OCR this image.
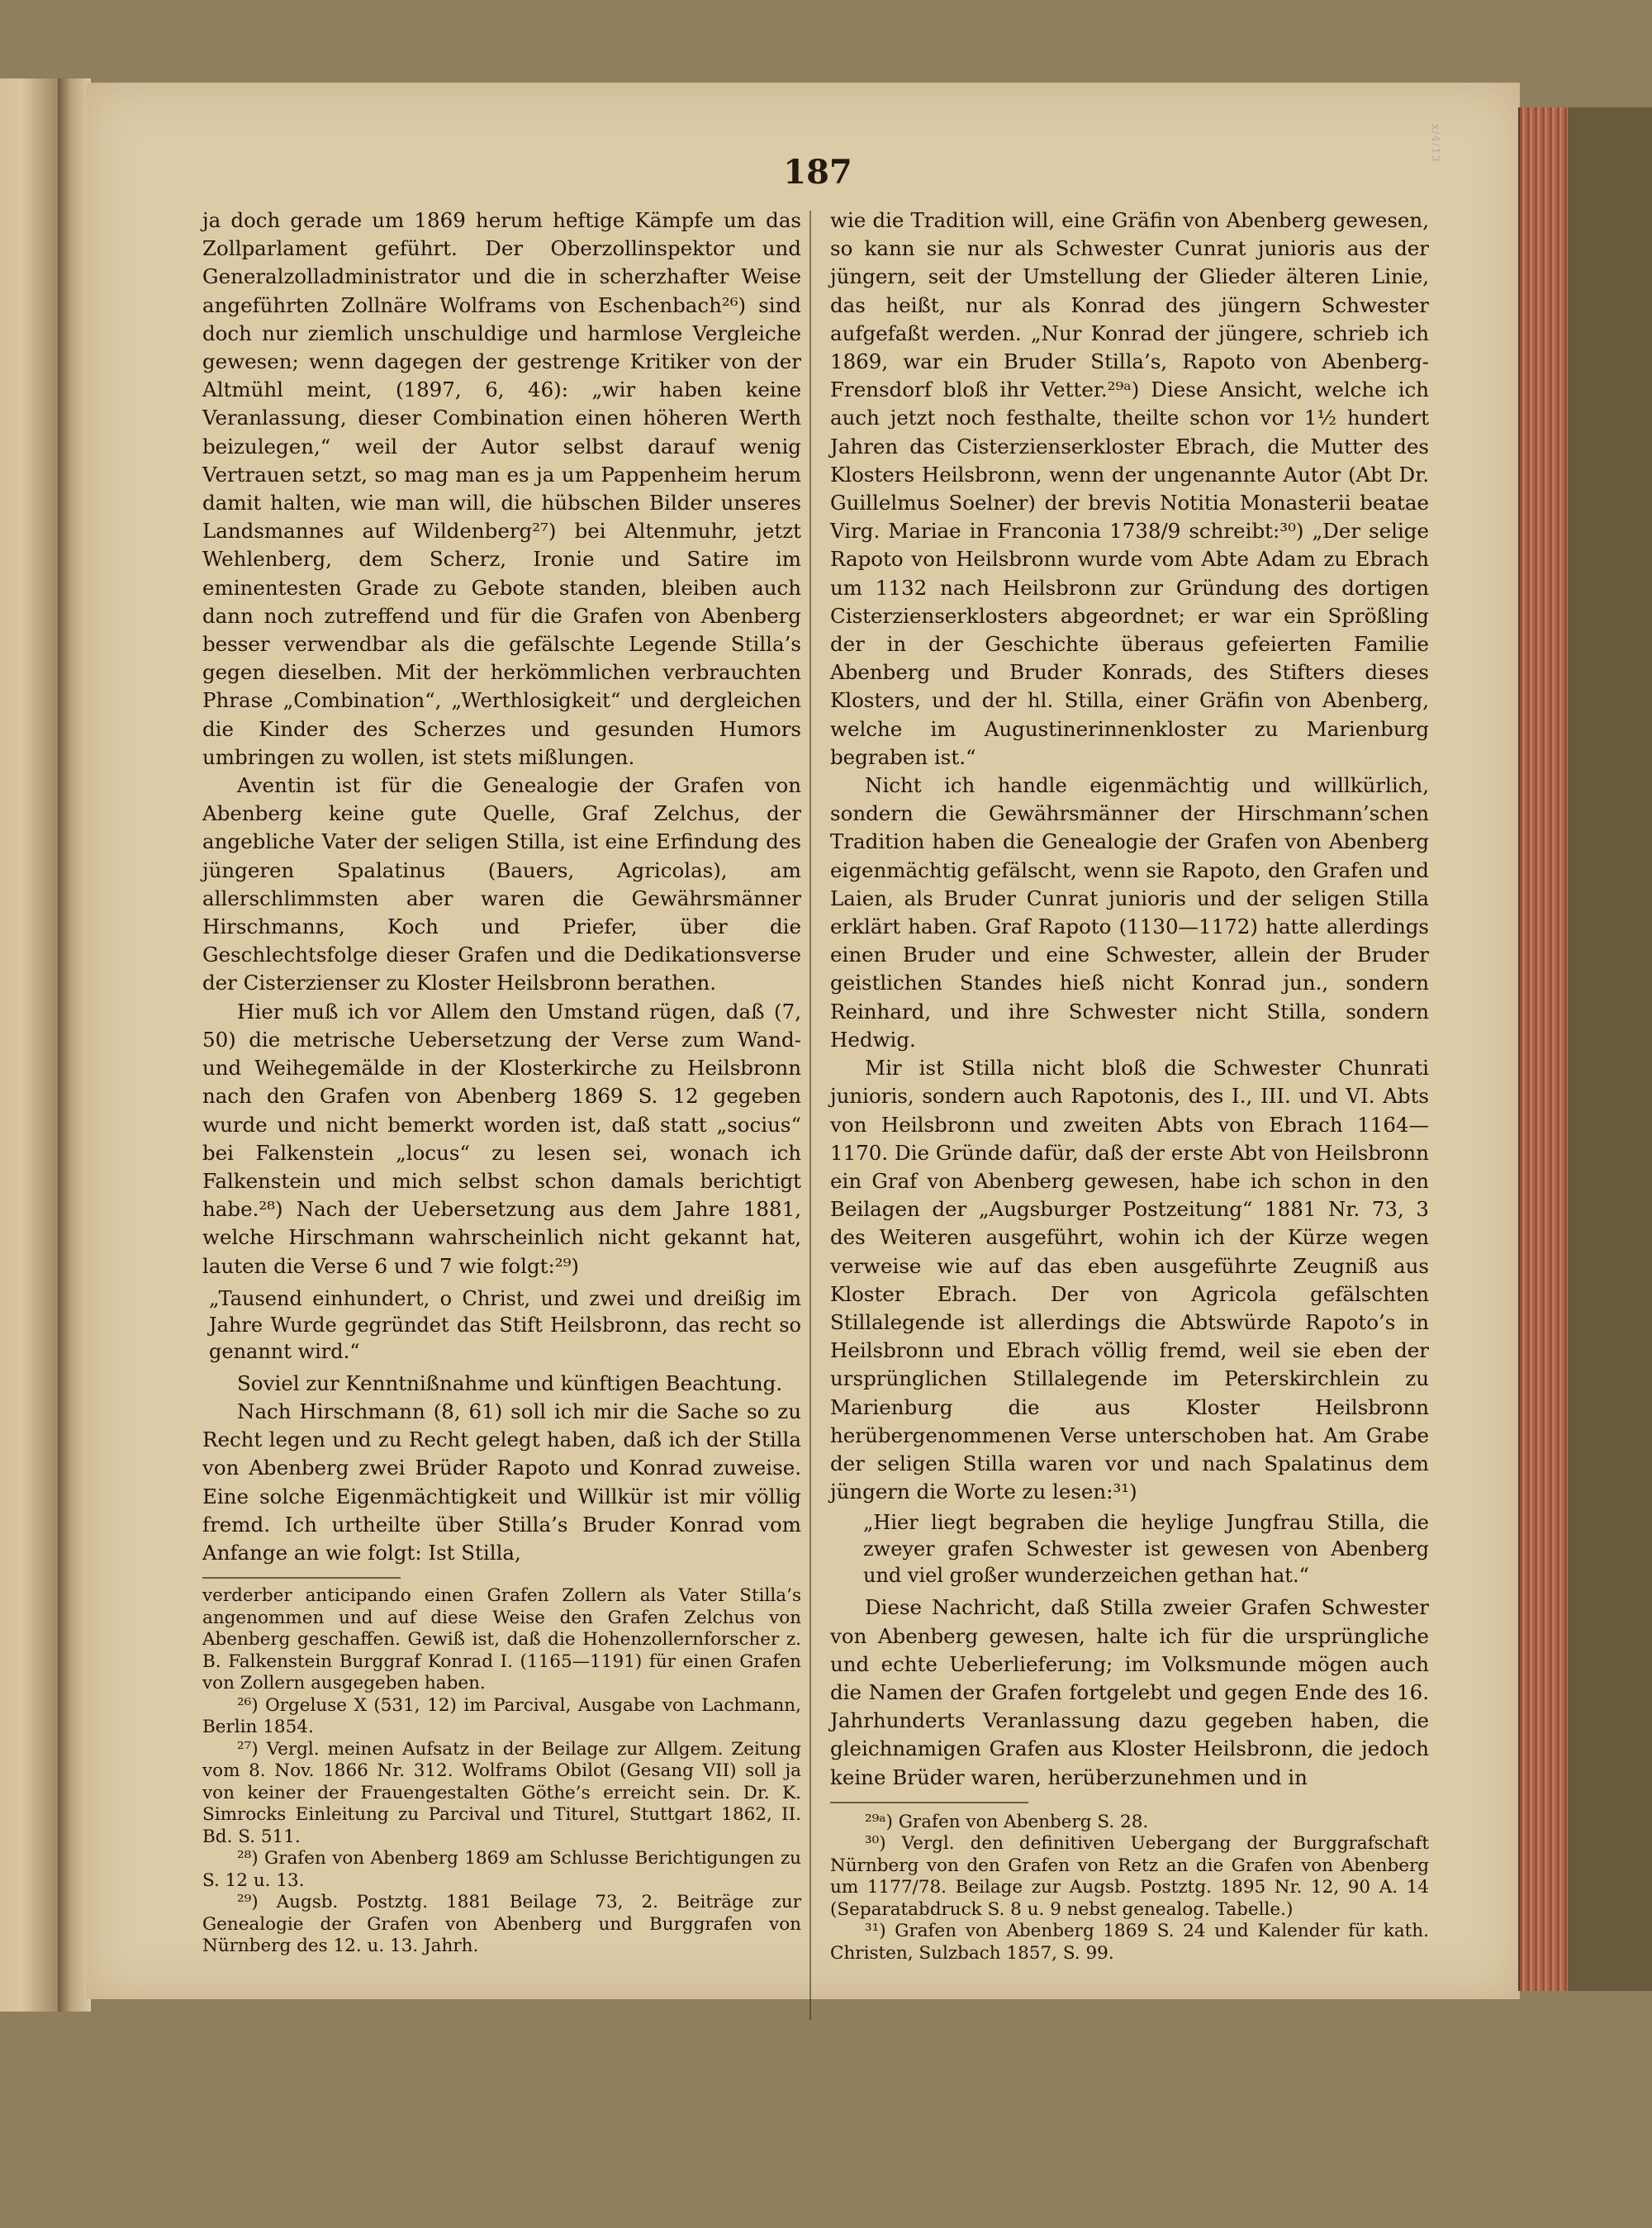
x/4/13
187

ja doch gerade um 1869 herum heftige Kämpfe um das Zollparlament geführt. Der Oberzollinspektor und Generalzolladministrator und die in scherzhafter Weise angeführten Zollnäre Wolframs von Eschenbach²⁶) sind doch nur ziemlich unschuldige und harmlose Vergleiche gewesen; wenn dagegen der gestrenge Kritiker von der Altmühl meint, (1897, 6, 46): „wir haben keine Veranlassung, dieser Combination einen höheren Werth beizulegen,“ weil der Autor selbst darauf wenig Vertrauen setzt, so mag man es ja um Pappenheim herum damit halten, wie man will, die hübschen Bilder unseres Landsmannes auf Wildenberg²⁷) bei Altenmuhr, jetzt Wehlenberg, dem Scherz, Ironie und Satire im eminentesten Grade zu Gebote standen, bleiben auch dann noch zutreffend und für die Grafen von Abenberg besser verwendbar als die gefälschte Legende Stilla’s gegen dieselben. Mit der herkömmlichen verbrauchten Phrase „Combination“, „Werthlosigkeit“ und dergleichen die Kinder des Scherzes und gesunden Humors umbringen zu wollen, ist stets mißlungen.

Aventin ist für die Genealogie der Grafen von Abenberg keine gute Quelle, Graf Zelchus, der angebliche Vater der seligen Stilla, ist eine Erfindung des jüngeren Spalatinus (Bauers, Agricolas), am allerschlimmsten aber waren die Gewährsmänner Hirschmanns, Koch und Priefer, über die Geschlechtsfolge dieser Grafen und die Dedikationsverse der Cisterzienser zu Kloster Heilsbronn berathen.

Hier muß ich vor Allem den Umstand rügen, daß (7, 50) die metrische Uebersetzung der Verse zum Wand- und Weihegemälde in der Klosterkirche zu Heilsbronn nach den Grafen von Abenberg 1869 S. 12 gegeben wurde und nicht bemerkt worden ist, daß statt „socius“ bei Falkenstein „locus“ zu lesen sei, wonach ich Falkenstein und mich selbst schon damals berichtigt habe.²⁸) Nach der Uebersetzung aus dem Jahre 1881, welche Hirschmann wahrscheinlich nicht gekannt hat, lauten die Verse 6 und 7 wie folgt:²⁹)

„Tausend einhundert, o Christ, und zwei und dreißig im Jahre Wurde gegründet das Stift Heilsbronn, das recht so genannt wird.“

Soviel zur Kenntnißnahme und künftigen Beachtung.

Nach Hirschmann (8, 61) soll ich mir die Sache so zu Recht legen und zu Recht gelegt haben, daß ich der Stilla von Abenberg zwei Brüder Rapoto und Konrad zuweise. Eine solche Eigenmächtigkeit und Willkür ist mir völlig fremd. Ich urtheilte über Stilla’s Bruder Konrad vom Anfange an wie folgt: Ist Stilla,

verderber anticipando einen Grafen Zollern als Vater Stilla’s angenommen und auf diese Weise den Grafen Zelchus von Abenberg geschaffen. Gewiß ist, daß die Hohenzollernforscher z. B. Falkenstein Burggraf Konrad I. (1165—1191) für einen Grafen von Zollern ausgegeben haben.

²⁶) Orgeluse X (531, 12) im Parcival, Ausgabe von Lachmann, Berlin 1854.

²⁷) Vergl. meinen Aufsatz in der Beilage zur Allgem. Zeitung vom 8. Nov. 1866 Nr. 312. Wolframs Obilot (Gesang VII) soll ja von keiner der Frauengestalten Göthe’s erreicht sein. Dr. K. Simrocks Einleitung zu Parcival und Titurel, Stuttgart 1862, II. Bd. S. 511.

²⁸) Grafen von Abenberg 1869 am Schlusse Berichtigungen zu S. 12 u. 13.

²⁹) Augsb. Postztg. 1881 Beilage 73, 2. Beiträge zur Genealogie der Grafen von Abenberg und Burggrafen von Nürnberg des 12. u. 13. Jahrh.

wie die Tradition will, eine Gräfin von Abenberg gewesen, so kann sie nur als Schwester Cunrat junioris aus der jüngern, seit der Umstellung der Glieder älteren Linie, das heißt, nur als Konrad des jüngern Schwester aufgefaßt werden. „Nur Konrad der jüngere, schrieb ich 1869, war ein Bruder Stilla’s, Rapoto von Abenberg-Frensdorf bloß ihr Vetter.²⁹ᵃ) Diese Ansicht, welche ich auch jetzt noch festhalte, theilte schon vor 1½ hundert Jahren das Cisterzienserkloster Ebrach, die Mutter des Klosters Heilsbronn, wenn der ungenannte Autor (Abt Dr. Guillelmus Soelner) der brevis Notitia Monasterii beatae Virg. Mariae in Franconia 1738/9 schreibt:³⁰) „Der selige Rapoto von Heilsbronn wurde vom Abte Adam zu Ebrach um 1132 nach Heilsbronn zur Gründung des dortigen Cisterzienserklosters abgeordnet; er war ein Sprößling der in der Geschichte überaus gefeierten Familie Abenberg und Bruder Konrads, des Stifters dieses Klosters, und der hl. Stilla, einer Gräfin von Abenberg, welche im Augustinerinnenkloster zu Marienburg begraben ist.“

Nicht ich handle eigenmächtig und willkürlich, sondern die Gewährsmänner der Hirschmann’schen Tradition haben die Genealogie der Grafen von Abenberg eigenmächtig gefälscht, wenn sie Rapoto, den Grafen und Laien, als Bruder Cunrat junioris und der seligen Stilla erklärt haben. Graf Rapoto (1130—1172) hatte allerdings einen Bruder und eine Schwester, allein der Bruder geistlichen Standes hieß nicht Konrad jun., sondern Reinhard, und ihre Schwester nicht Stilla, sondern Hedwig.

Mir ist Stilla nicht bloß die Schwester Chunrati junioris, sondern auch Rapotonis, des I., III. und VI. Abts von Heilsbronn und zweiten Abts von Ebrach 1164—1170. Die Gründe dafür, daß der erste Abt von Heilsbronn ein Graf von Abenberg gewesen, habe ich schon in den Beilagen der „Augsburger Postzeitung“ 1881 Nr. 73, 3 des Weiteren ausgeführt, wohin ich der Kürze wegen verweise wie auf das eben ausgeführte Zeugniß aus Kloster Ebrach. Der von Agricola gefälschten Stillalegende ist allerdings die Abtswürde Rapoto’s in Heilsbronn und Ebrach völlig fremd, weil sie eben der ursprünglichen Stillalegende im Peterskirchlein zu Marienburg die aus Kloster Heilsbronn herübergenommenen Verse unterschoben hat. Am Grabe der seligen Stilla waren vor und nach Spalatinus dem jüngern die Worte zu lesen:³¹)

„Hier liegt begraben die heylige Jungfrau Stilla, die zweyer grafen Schwester ist gewesen von Abenberg und viel großer wunderzeichen gethan hat.“

Diese Nachricht, daß Stilla zweier Grafen Schwester von Abenberg gewesen, halte ich für die ursprüngliche und echte Ueberlieferung; im Volksmunde mögen auch die Namen der Grafen fortgelebt und gegen Ende des 16. Jahrhunderts Veranlassung dazu gegeben haben, die gleichnamigen Grafen aus Kloster Heilsbronn, die jedoch keine Brüder waren, herüberzunehmen und in

²⁹ᵃ) Grafen von Abenberg S. 28.

³⁰) Vergl. den definitiven Uebergang der Burggrafschaft Nürnberg von den Grafen von Retz an die Grafen von Abenberg um 1177/78. Beilage zur Augsb. Postztg. 1895 Nr. 12, 90 A. 14 (Separatabdruck S. 8 u. 9 nebst genealog. Tabelle.)

³¹) Grafen von Abenberg 1869 S. 24 und Kalender für kath. Christen, Sulzbach 1857, S. 99.
